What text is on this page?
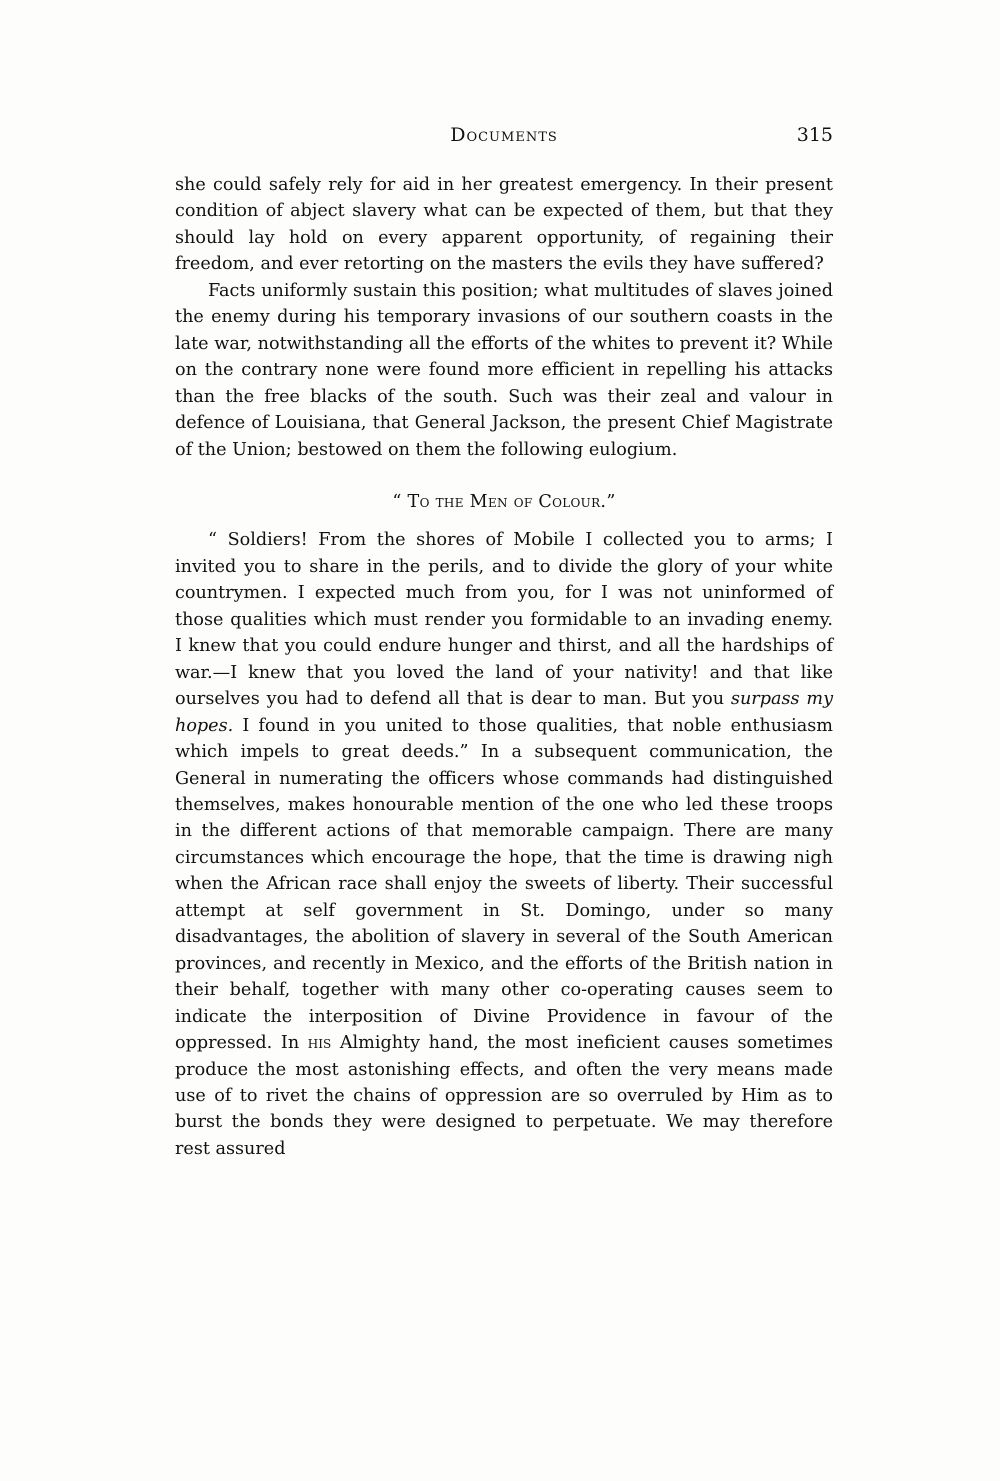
Documents	315

she could safely rely for aid in her greatest emergency. In their present condition of abject slavery what can be expected of them, but that they should lay hold on every apparent opportunity, of regaining their freedom, and ever retorting on the masters the evils they have suffered?

Facts uniformly sustain this position; what multitudes of slaves joined the enemy during his temporary invasions of our southern coasts in the late war, notwithstanding all the efforts of the whites to prevent it? While on the contrary none were found more efficient in repelling his attacks than the free blacks of the south. Such was their zeal and valour in defence of Louisiana, that General Jackson, the present Chief Magistrate of the Union; bestowed on them the following eulogium.

“ To the Men of Colour.”

“ Soldiers! From the shores of Mobile I collected you to arms; I invited you to share in the perils, and to divide the glory of your white countrymen. I expected much from you, for I was not uninformed of those qualities which must render you formidable to an invading enemy. I knew that you could endure hunger and thirst, and all the hardships of war.—I knew that you loved the land of your nativity! and that like ourselves you had to defend all that is dear to man. But you surpass my hopes. I found in you united to those qualities, that noble enthusiasm which impels to great deeds.” In a subsequent communication, the General in numerating the officers whose commands had distinguished themselves, makes honourable mention of the one who led these troops in the different actions of that memorable campaign. There are many circumstances which encourage the hope, that the time is drawing nigh when the African race shall enjoy the sweets of liberty. Their successful attempt at self government in St. Domingo, under so many disadvantages, the abolition of slavery in several of the South American provinces, and recently in Mexico, and the efforts of the British nation in their behalf, together with many other co-operating causes seem to indicate the interposition of Divine Providence in favour of the oppressed. In his Almighty hand, the most ineficient causes sometimes produce the most astonishing effects, and often the very means made use of to rivet the chains of oppression are so overruled by Him as to burst the bonds they were designed to perpetuate. We may therefore rest assured
